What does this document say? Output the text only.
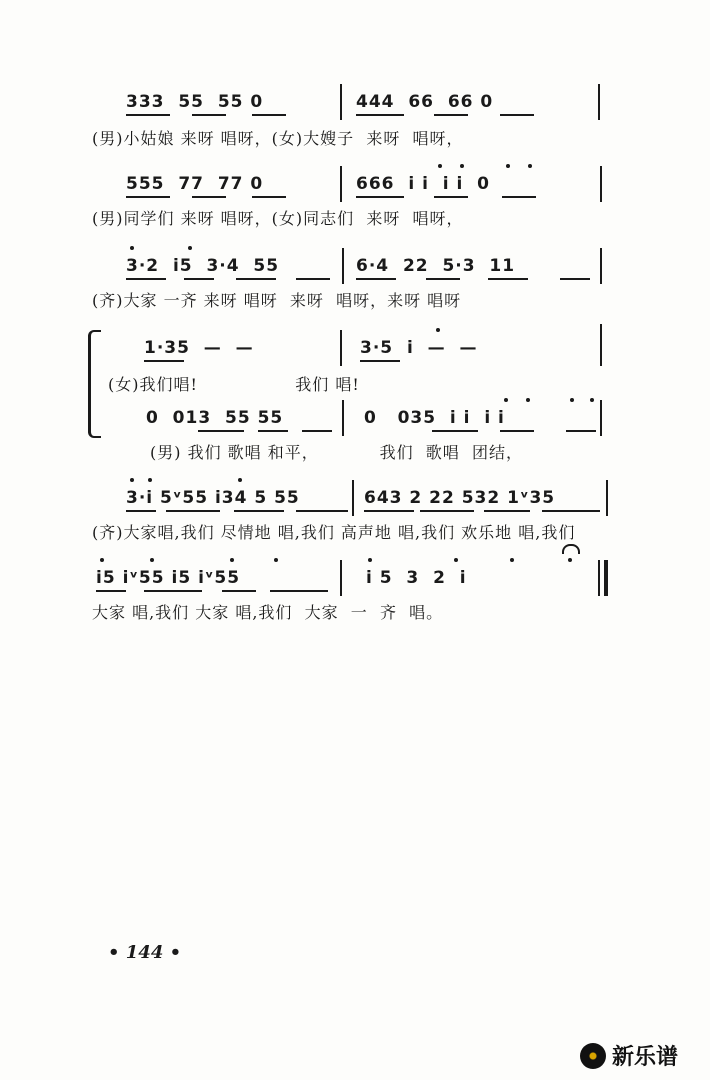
333  55  55 0	444  66  66 0
(男)小姑娘 来呀 唱呀，(女)大嫂子  来呀  唱呀，
555  77  77 0	666  i i  i i  0
(男)同学们 来呀 唱呀，(女)同志们  来呀  唱呀，
3·2  i5  3·4  55	6·4  22  5·3  11
(齐)大家 一齐 来呀 唱呀  来呀  唱呀，来呀 唱呀
1·35  —  —	3·5  i  —  —
(女)我们唱!                我们 唱!
0  013  55 55	0   035  i i  i i
(男) 我们 歌唱 和平，          我们  歌唱  团结，
3·i 5ᵛ55 i34 5 55	643 2 22 532 1ᵛ35
(齐)大家唱,我们 尽情地 唱,我们 高声地 唱,我们 欢乐地 唱,我们
i5 iᵛ55 i5 iᵛ55	i 5  3  2  i
大家 唱,我们 大家 唱,我们  大家  一  齐  唱。
• 144 •
新乐谱
